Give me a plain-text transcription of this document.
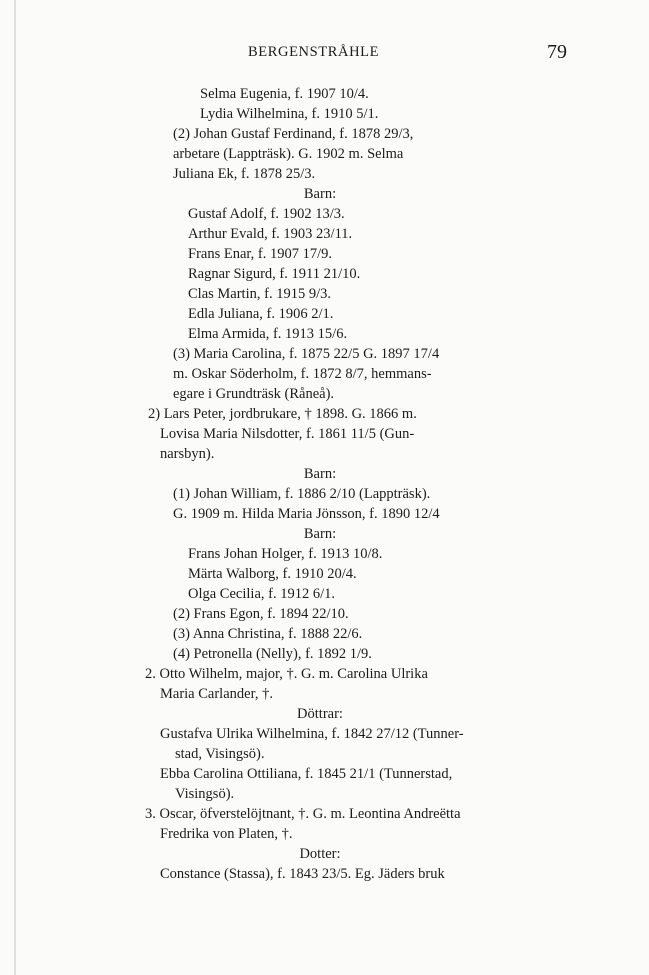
BERGENSTRÅHLE	79
Selma Eugenia, f. 1907 10/4.
Lydia Wilhelmina, f. 1910 5/1.
(2) Johan Gustaf Ferdinand, f. 1878 29/3,
arbetare (Lappträsk). G. 1902 m. Selma
Juliana Ek, f. 1878 25/3.
Barn:
Gustaf Adolf, f. 1902 13/3.
Arthur Evald, f. 1903 23/11.
Frans Enar, f. 1907 17/9.
Ragnar Sigurd, f. 1911 21/10.
Clas Martin, f. 1915 9/3.
Edla Juliana, f. 1906 2/1.
Elma Armida, f. 1913 15/6.
(3) Maria Carolina, f. 1875 22/5 G. 1897 17/4
m. Oskar Söderholm, f. 1872 8/7, hemmans-
egare i Grundträsk (Råneå).
2) Lars Peter, jordbrukare, † 1898. G. 1866 m.
Lovisa Maria Nilsdotter, f. 1861 11/5 (Gun-
narsbyn).
Barn:
(1) Johan William, f. 1886 2/10 (Lappträsk).
G. 1909 m. Hilda Maria Jönsson, f. 1890 12/4
Barn:
Frans Johan Holger, f. 1913 10/8.
Märta Walborg, f. 1910 20/4.
Olga Cecilia, f. 1912 6/1.
(2) Frans Egon, f. 1894 22/10.
(3) Anna Christina, f. 1888 22/6.
(4) Petronella (Nelly), f. 1892 1/9.
2. Otto Wilhelm, major, †. G. m. Carolina Ulrika
Maria Carlander, †.
Döttrar:
Gustafva Ulrika Wilhelmina, f. 1842 27/12 (Tunner-
stad, Visingsö).
Ebba Carolina Ottiliana, f. 1845 21/1 (Tunnerstad,
Visingsö).
3. Oscar, öfverstelöjtnant, †. G. m. Leontina Andreëtta
Fredrika von Platen, †.
Dotter:
Constance (Stassa), f. 1843 23/5. Eg. Jäders bruk
